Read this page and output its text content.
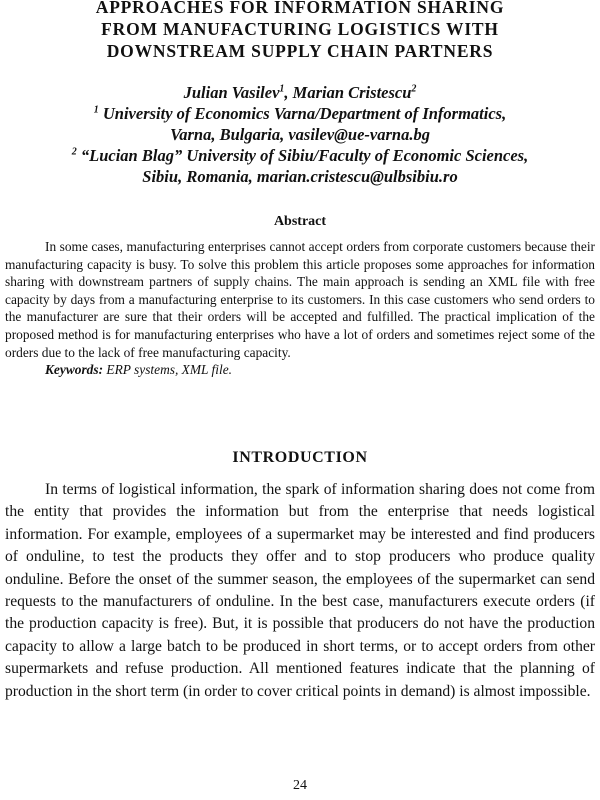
APPROACHES FOR INFORMATION SHARING
FROM MANUFACTURING LOGISTICS WITH
DOWNSTREAM SUPPLY CHAIN PARTNERS
Julian Vasilev$^1$, Marian Cristescu$^2$
$^1$ University of Economics Varna/Department of Informatics,
Varna, Bulgaria, vasilev@ue-varna.bg
$^2$ “Lucian Blag” University of Sibiu/Faculty of Economic Sciences,
Sibiu, Romania, marian.cristescu@ulbsibiu.ro
Abstract

In some cases, manufacturing enterprises cannot accept orders from corporate customers because their manufacturing capacity is busy. To solve this problem this article proposes some approaches for information sharing with downstream partners of supply chains. The main approach is sending an XML file with free capacity by days from a manufacturing enterprise to its customers. In this case customers who send orders to the manufacturer are sure that their orders will be accepted and fulfilled. The practical implication of the proposed method is for manufacturing enterprises who have a lot of orders and sometimes reject some of the orders due to the lack of free manufacturing capacity.

Keywords: ERP systems, XML file.

INTRODUCTION

In terms of logistical information, the spark of information sharing does not come from the entity that provides the information but from the enterprise that needs logistical information. For example, employees of a supermarket may be interested and find producers of onduline, to test the products they offer and to stop producers who produce quality onduline. Before the onset of the summer season, the employees of the supermarket can send requests to the manufacturers of onduline. In the best case, manufacturers execute orders (if the production capacity is free). But, it is possible that producers do not have the production capacity to allow a large batch to be produced in short terms, or to accept orders from other supermarkets and refuse production. All mentioned features indicate that the planning of production in the short term (in order to cover critical points in demand) is almost impossible.

24
